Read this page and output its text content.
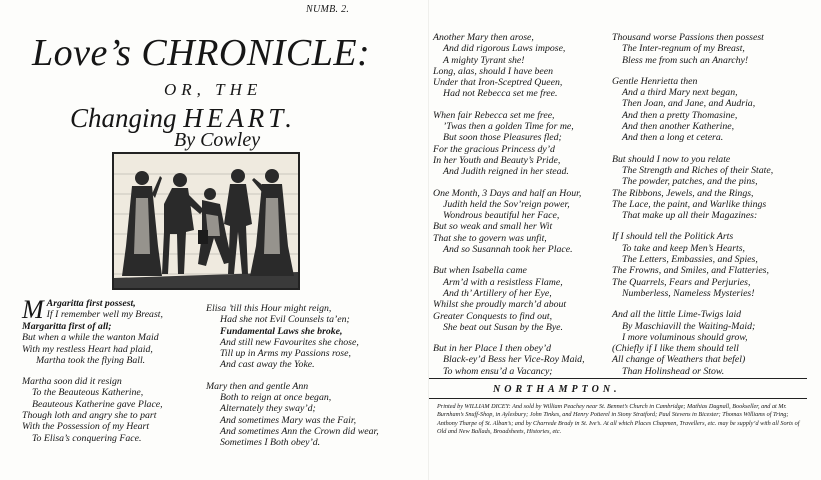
NUMB. 2.
Love’s CHRONICLE:
OR, THE
Changing HEART.
By Cowley
M Argaritta first possest,
If I remember well my Breast,
Margaritta first of all;
But when a while the wanton Maid
With my restless Heart had plaid,
Martha took the flying Ball.
Martha soon did it resign
To the Beauteous Katherine,
Beauteous Katherine gave Place,
Though loth and angry she to part
With the Possession of my Heart
To Elisa’s conquering Face.
Elisa ’till this Hour might reign,
Had she not Evil Counsels ta’en;
Fundamental Laws she broke,
And still new Favourites she chose,
Till up in Arms my Passions rose,
And cast away the Yoke.
Mary then and gentle Ann
Both to reign at once began,
Alternately they sway’d;
And sometimes Mary was the Fair,
And sometimes Ann the Crown did wear,
Sometimes I Both obey’d.
Another Mary then arose,
And did rigorous Laws impose,
A mighty Tyrant she!
Long, alas, should I have been
Under that Iron-Sceptred Queen,
Had not Rebecca set me free.
When fair Rebecca set me free,
’Twas then a golden Time for me,
But soon those Pleasures fled;
For the gracious Princess dy’d
In her Youth and Beauty’s Pride,
And Judith reigned in her stead.
One Month, 3 Days and half an Hour,
Judith held the Sov’reign power,
Wondrous beautiful her Face,
But so weak and small her Wit
That she to govern was unfit,
And so Susannah took her Place.
But when Isabella came
Arm’d with a resistless Flame,
And th’ Artillery of her Eye,
Whilst she proudly march’d about
Greater Conquests to find out,
She beat out Susan by the Bye.
But in her Place I then obey’d
Black-ey’d Bess her Vice-Roy Maid,
To whom ensu’d a Vacancy;
Thousand worse Passions then possest
The Inter-regnum of my Breast,
Bless me from such an Anarchy!
Gentle Henrietta then
And a third Mary next began,
Then Joan, and Jane, and Audria,
And then a pretty Thomasine,
And then another Katherine,
And then a long et cetera.
But should I now to you relate
The Strength and Riches of their State,
The powder, patches, and the pins,
The Ribbons, Jewels, and the Rings,
The Lace, the paint, and Warlike things
That make up all their Magazines:
If I should tell the Politick Arts
To take and keep Men’s Hearts,
The Letters, Embassies, and Spies,
The Frowns, and Smiles, and Flatteries,
The Quarrels, Fears and Perjuries,
Numberless, Nameless Mysteries!
And all the little Lime-Twigs laid
By Maschiavill the Waiting-Maid;
I more voluminous should grow,
(Chiefly if I like them should tell
All change of Weathers that befel)
Than Holinshead or Stow.
NORTHAMPTON.
Printed by WILLIAM DICEY: And sold by William Peachey near St. Bennet’s Church in Cambridge; Mathias Dagnall, Bookseller, and at Mr. Burnham’s Snuff-Shop, in Aylesbury; John Tinkes, and Henry Potterel in Stony Stratford; Paul Stevens in Bicester; Thomas Williams of Tring; Anthony Tharpe of St. Alban’s; and by Charrede Brady in St. Ive’s. At all which Places Chapmen, Travellers, etc. may be supply’d with all Sorts of Old and New Ballads, Broadsheets, Histories, etc.
